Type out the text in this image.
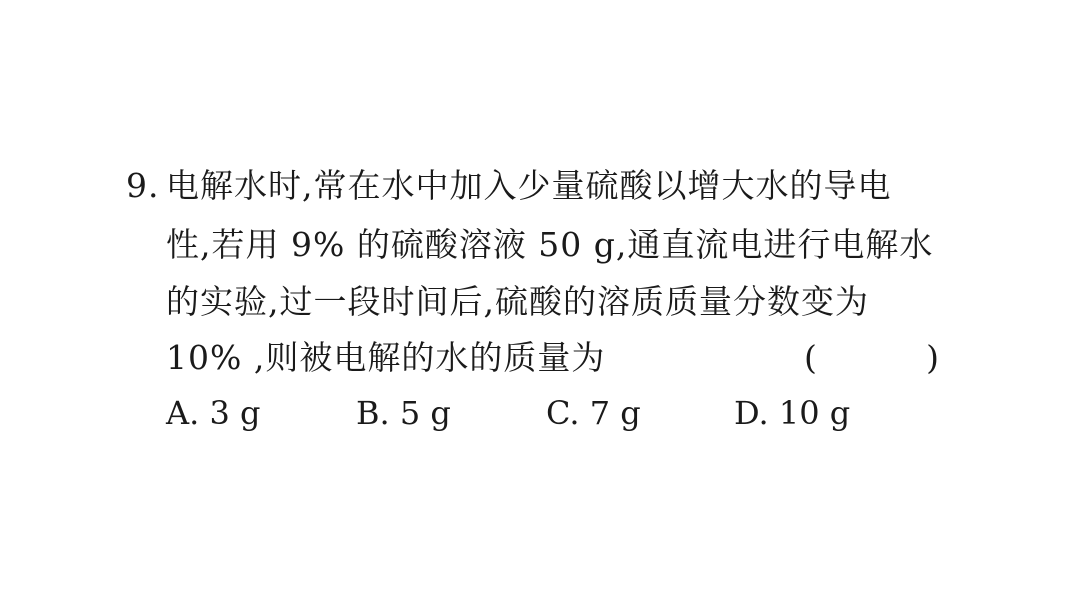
9. 电解水时,常在水中加入少量硫酸以增大水的导电
性,若用 9% 的硫酸溶液 50 g,通直流电进行电解水
的实验,过一段时间后,硫酸的溶质质量分数变为
10% ,则被电解的水的质量为	(	)
A. 3 g	B. 5 g	C. 7 g	D. 10 g
